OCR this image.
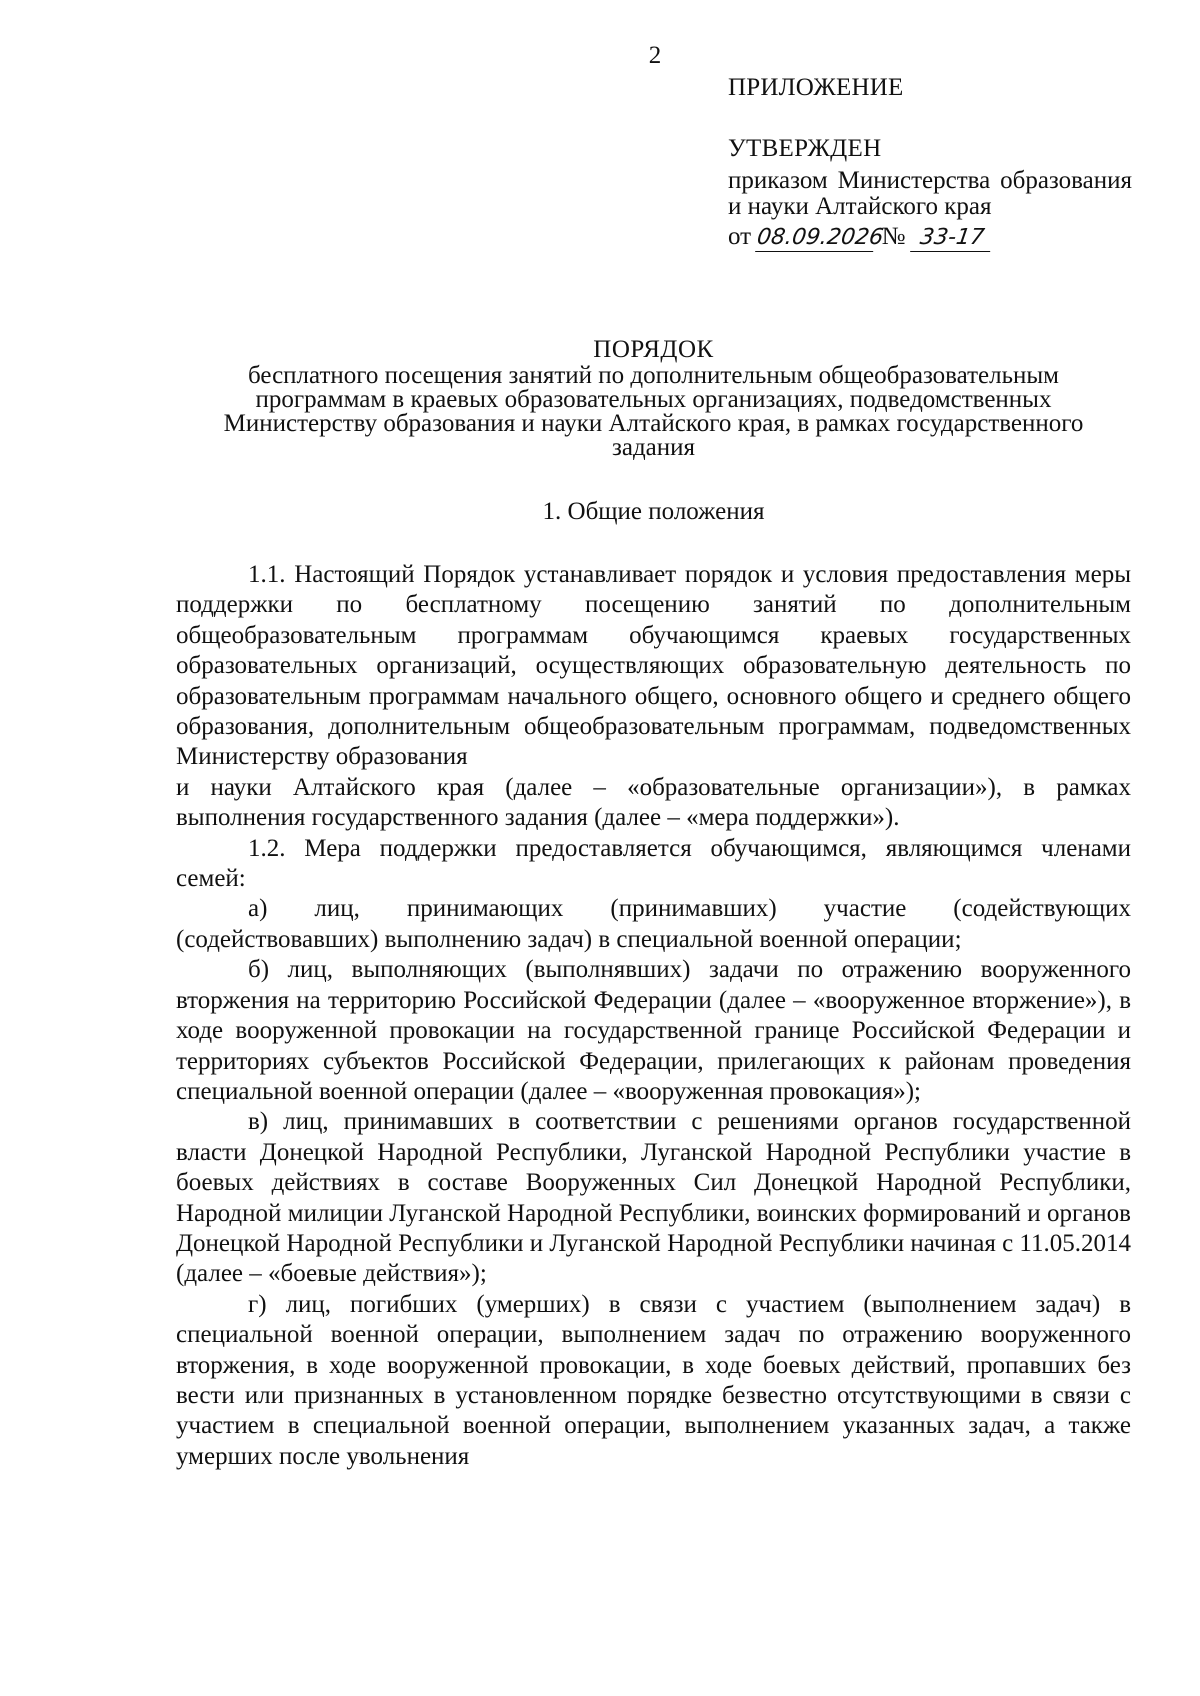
2

ПРИЛОЖЕНИЕ

УТВЕРЖДЕН

приказом Министерства образования и науки Алтайского края

от 08.09.2026 № 33-17

ПОРЯДОК

бесплатного посещения занятий по дополнительным общеобразовательным программам в краевых образовательных организациях, подведомственных Министерству образования и науки Алтайского края, в рамках государственного задания

1. Общие положения

1.1. Настоящий Порядок устанавливает порядок и условия предоставления меры поддержки по бесплатному посещению занятий по дополнительным общеобразовательным программам обучающимся краевых государственных образовательных организаций, осуществляющих образовательную деятельность по образовательным программам начального общего, основного общего и среднего общего образования, дополнительным общеобразовательным программам, подведомственных Министерству образования

и науки Алтайского края (далее – «образовательные организации»), в рамках выполнения государственного задания (далее – «мера поддержки»).

1.2. Мера поддержки предоставляется обучающимся, являющимся членами семей:

а) лиц, принимающих (принимавших) участие (содействующих (содействовавших) выполнению задач) в специальной военной операции;

б) лиц, выполняющих (выполнявших) задачи по отражению вооруженного вторжения на территорию Российской Федерации (далее – «вооруженное вторжение»), в ходе вооруженной провокации на государственной границе Российской Федерации и территориях субъектов Российской Федерации, прилегающих к районам проведения специальной военной операции (далее – «вооруженная провокация»);

в) лиц, принимавших в соответствии с решениями органов государственной власти Донецкой Народной Республики, Луганской Народной Республики участие в боевых действиях в составе Вооруженных Сил Донецкой Народной Республики, Народной милиции Луганской Народной Республики, воинских формирований и органов Донецкой Народной Республики и Луганской Народной Республики начиная с 11.05.2014 (далее – «боевые действия»);

г) лиц, погибших (умерших) в связи с участием (выполнением задач) в специальной военной операции, выполнением задач по отражению вооруженного вторжения, в ходе вооруженной провокации, в ходе боевых действий, пропавших без вести или признанных в установленном порядке безвестно отсутствующими в связи с участием в специальной военной операции, выполнением указанных задач, а также умерших после увольнения
